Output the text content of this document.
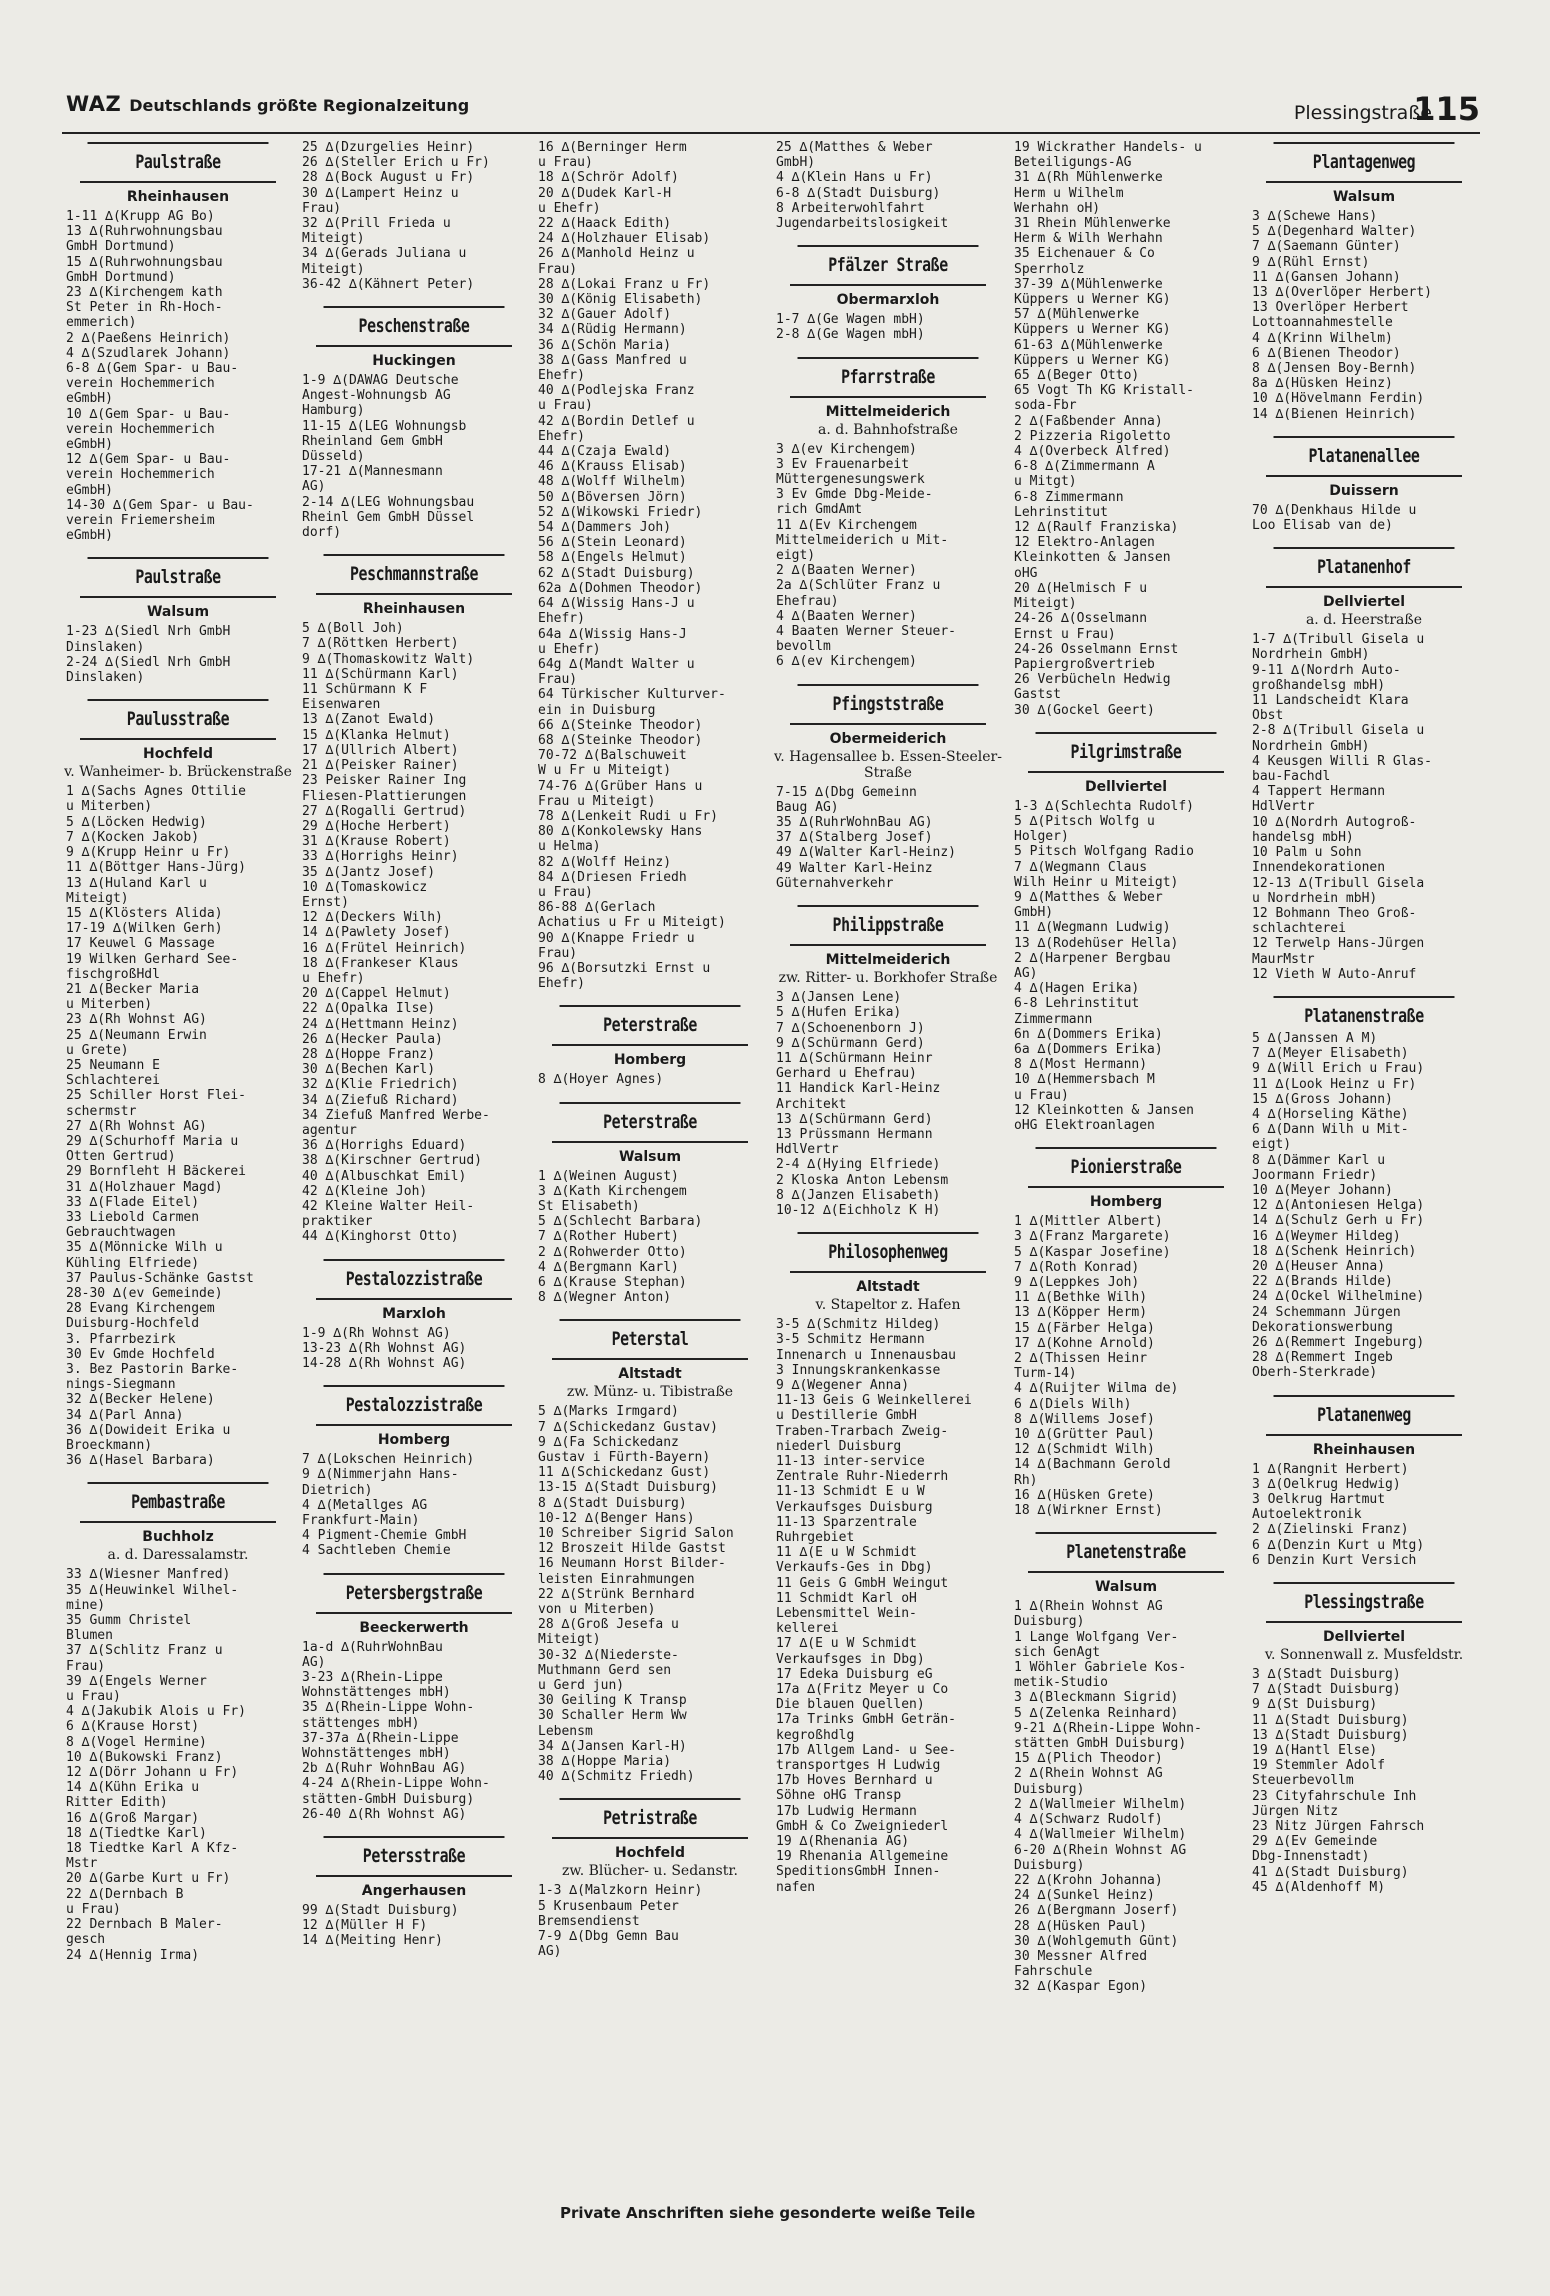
WAZ Deutschlands größte Regionalzeitung	Plessingstraße
115
Paulstraße
Rheinhausen
1-11 ∆(Krupp AG Bo)
13 ∆(Ruhrwohnungsbau
GmbH Dortmund)
15 ∆(Ruhrwohnungsbau
GmbH Dortmund)
23 ∆(Kirchengem kath
St Peter in Rh-Hoch-
emmerich)
2 ∆(Paeßens Heinrich)
4 ∆(Szudlarek Johann)
6-8 ∆(Gem Spar- u Bau-
verein Hochemmerich
eGmbH)
10 ∆(Gem Spar- u Bau-
verein Hochemmerich
eGmbH)
12 ∆(Gem Spar- u Bau-
verein Hochemmerich
eGmbH)
14-30 ∆(Gem Spar- u Bau-
verein Friemersheim
eGmbH)
Paulstraße
Walsum
1-23 ∆(Siedl Nrh GmbH
Dinslaken)
2-24 ∆(Siedl Nrh GmbH
Dinslaken)
Paulusstraße
Hochfeld
v. Wanheimer- b. Brückenstraße
1 ∆(Sachs Agnes Ottilie
u Miterben)
5 ∆(Löcken Hedwig)
7 ∆(Kocken Jakob)
9 ∆(Krupp Heinr u Fr)
11 ∆(Böttger Hans-Jürg)
13 ∆(Huland Karl u
Miteigt)
15 ∆(Klösters Alida)
17-19 ∆(Wilken Gerh)
17 Keuwel G Massage
19 Wilken Gerhard See-
fischgroßHdl
21 ∆(Becker Maria
u Miterben)
23 ∆(Rh Wohnst AG)
25 ∆(Neumann Erwin
u Grete)
25 Neumann E
Schlachterei
25 Schiller Horst Flei-
schermstr
27 ∆(Rh Wohnst AG)
29 ∆(Schurhoff Maria u
Otten Gertrud)
29 Bornfleht H Bäckerei
31 ∆(Holzhauer Magd)
33 ∆(Flade Eitel)
33 Liebold Carmen
Gebrauchtwagen
35 ∆(Mönnicke Wilh u
Kühling Elfriede)
37 Paulus-Schänke Gastst
28-30 ∆(ev Gemeinde)
28 Evang Kirchengem
Duisburg-Hochfeld
3. Pfarrbezirk
30 Ev Gmde Hochfeld
3. Bez Pastorin Barke-
nings-Siegmann
32 ∆(Becker Helene)
34 ∆(Parl Anna)
36 ∆(Dowideit Erika u
Broeckmann)
36 ∆(Hasel Barbara)
Pembastraße
Buchholz
a. d. Daressalamstr.
33 ∆(Wiesner Manfred)
35 ∆(Heuwinkel Wilhel-
mine)
35 Gumm Christel
Blumen
37 ∆(Schlitz Franz u
Frau)
39 ∆(Engels Werner
u Frau)
4 ∆(Jakubik Alois u Fr)
6 ∆(Krause Horst)
8 ∆(Vogel Hermine)
10 ∆(Bukowski Franz)
12 ∆(Dörr Johann u Fr)
14 ∆(Kühn Erika u
Ritter Edith)
16 ∆(Groß Margar)
18 ∆(Tiedtke Karl)
18 Tiedtke Karl A Kfz-
Mstr
20 ∆(Garbe Kurt u Fr)
22 ∆(Dernbach B
u Frau)
22 Dernbach B Maler-
gesch
24 ∆(Hennig Irma)
25 ∆(Dzurgelies Heinr)
26 ∆(Steller Erich u Fr)
28 ∆(Bock August u Fr)
30 ∆(Lampert Heinz u
Frau)
32 ∆(Prill Frieda u
Miteigt)
34 ∆(Gerads Juliana u
Miteigt)
36-42 ∆(Kähnert Peter)
Peschenstraße
Huckingen
1-9 ∆(DAWAG Deutsche
Angest-Wohnungsb AG
Hamburg)
11-15 ∆(LEG Wohnungsb
Rheinland Gem GmbH
Düsseld)
17-21 ∆(Mannesmann
AG)
2-14 ∆(LEG Wohnungsbau
Rheinl Gem GmbH Düssel
dorf)
Peschmannstraße
Rheinhausen
5 ∆(Boll Joh)
7 ∆(Röttken Herbert)
9 ∆(Thomaskowitz Walt)
11 ∆(Schürmann Karl)
11 Schürmann K F
Eisenwaren
13 ∆(Zanot Ewald)
15 ∆(Klanka Helmut)
17 ∆(Ullrich Albert)
21 ∆(Peisker Rainer)
23 Peisker Rainer Ing
Fliesen-Plattierungen
27 ∆(Rogalli Gertrud)
29 ∆(Hoche Herbert)
31 ∆(Krause Robert)
33 ∆(Horrighs Heinr)
35 ∆(Jantz Josef)
10 ∆(Tomaskowicz
Ernst)
12 ∆(Deckers Wilh)
14 ∆(Pawlety Josef)
16 ∆(Frütel Heinrich)
18 ∆(Frankeser Klaus
u Ehefr)
20 ∆(Cappel Helmut)
22 ∆(Opalka Ilse)
24 ∆(Hettmann Heinz)
26 ∆(Hecker Paula)
28 ∆(Hoppe Franz)
30 ∆(Bechen Karl)
32 ∆(Klie Friedrich)
34 ∆(Ziefuß Richard)
34 Ziefuß Manfred Werbe-
agentur
36 ∆(Horrighs Eduard)
38 ∆(Kirschner Gertrud)
40 ∆(Albuschkat Emil)
42 ∆(Kleine Joh)
42 Kleine Walter Heil-
praktiker
44 ∆(Kinghorst Otto)
Pestalozzistraße
Marxloh
1-9 ∆(Rh Wohnst AG)
13-23 ∆(Rh Wohnst AG)
14-28 ∆(Rh Wohnst AG)
Pestalozzistraße
Homberg
7 ∆(Lokschen Heinrich)
9 ∆(Nimmerjahn Hans-
Dietrich)
4 ∆(Metallges AG
Frankfurt-Main)
4 Pigment-Chemie GmbH
4 Sachtleben Chemie
Petersbergstraße
Beeckerwerth
1a-d ∆(RuhrWohnBau
AG)
3-23 ∆(Rhein-Lippe
Wohnstättenges mbH)
35 ∆(Rhein-Lippe Wohn-
stättenges mbH)
37-37a ∆(Rhein-Lippe
Wohnstättenges mbH)
2b ∆(Ruhr WohnBau AG)
4-24 ∆(Rhein-Lippe Wohn-
stätten-GmbH Duisburg)
26-40 ∆(Rh Wohnst AG)
Petersstraße
Angerhausen
99 ∆(Stadt Duisburg)
12 ∆(Müller H F)
14 ∆(Meiting Henr)
16 ∆(Berninger Herm
u Frau)
18 ∆(Schrör Adolf)
20 ∆(Dudek Karl-H
u Ehefr)
22 ∆(Haack Edith)
24 ∆(Holzhauer Elisab)
26 ∆(Manhold Heinz u
Frau)
28 ∆(Lokai Franz u Fr)
30 ∆(König Elisabeth)
32 ∆(Gauer Adolf)
34 ∆(Rüdig Hermann)
36 ∆(Schön Maria)
38 ∆(Gass Manfred u
Ehefr)
40 ∆(Podlejska Franz
u Frau)
42 ∆(Bordin Detlef u
Ehefr)
44 ∆(Czaja Ewald)
46 ∆(Krauss Elisab)
48 ∆(Wolff Wilhelm)
50 ∆(Böversen Jörn)
52 ∆(Wikowski Friedr)
54 ∆(Dammers Joh)
56 ∆(Stein Leonard)
58 ∆(Engels Helmut)
62 ∆(Stadt Duisburg)
62a ∆(Dohmen Theodor)
64 ∆(Wissig Hans-J u
Ehefr)
64a ∆(Wissig Hans-J
u Ehefr)
64g ∆(Mandt Walter u
Frau)
64 Türkischer Kulturver-
ein in Duisburg
66 ∆(Steinke Theodor)
68 ∆(Steinke Theodor)
70-72 ∆(Balschuweit
W u Fr u Miteigt)
74-76 ∆(Grüber Hans u
Frau u Miteigt)
78 ∆(Lenkeit Rudi u Fr)
80 ∆(Konkolewsky Hans
u Helma)
82 ∆(Wolff Heinz)
84 ∆(Driesen Friedh
u Frau)
86-88 ∆(Gerlach
Achatius u Fr u Miteigt)
90 ∆(Knappe Friedr u
Frau)
96 ∆(Borsutzki Ernst u
Ehefr)
Peterstraße
Homberg
8 ∆(Hoyer Agnes)
Peterstraße
Walsum
1 ∆(Weinen August)
3 ∆(Kath Kirchengem
St Elisabeth)
5 ∆(Schlecht Barbara)
7 ∆(Rother Hubert)
2 ∆(Rohwerder Otto)
4 ∆(Bergmann Karl)
6 ∆(Krause Stephan)
8 ∆(Wegner Anton)
Peterstal
Altstadt
zw. Münz- u. Tibistraße
5 ∆(Marks Irmgard)
7 ∆(Schickedanz Gustav)
9 ∆(Fa Schickedanz
Gustav i Fürth-Bayern)
11 ∆(Schickedanz Gust)
13-15 ∆(Stadt Duisburg)
8 ∆(Stadt Duisburg)
10-12 ∆(Benger Hans)
10 Schreiber Sigrid Salon
12 Broszeit Hilde Gastst
16 Neumann Horst Bilder-
leisten Einrahmungen
22 ∆(Strünk Bernhard
von u Miterben)
28 ∆(Groß Jesefa u
Miteigt)
30-32 ∆(Niederste-
Muthmann Gerd sen
u Gerd jun)
30 Geiling K Transp
30 Schaller Herm Ww
Lebensm
34 ∆(Jansen Karl-H)
38 ∆(Hoppe Maria)
40 ∆(Schmitz Friedh)
Petristraße
Hochfeld
zw. Blücher- u. Sedanstr.
1-3 ∆(Malzkorn Heinr)
5 Krusenbaum Peter
Bremsendienst
7-9 ∆(Dbg Gemn Bau
AG)
25 ∆(Matthes & Weber
GmbH)
4 ∆(Klein Hans u Fr)
6-8 ∆(Stadt Duisburg)
8 Arbeiterwohlfahrt
Jugendarbeitslosigkeit
Pfälzer Straße
Obermarxloh
1-7 ∆(Ge Wagen mbH)
2-8 ∆(Ge Wagen mbH)
Pfarrstraße
Mittelmeiderich
a. d. Bahnhofstraße
3 ∆(ev Kirchengem)
3 Ev Frauenarbeit
Müttergenesungswerk
3 Ev Gmde Dbg-Meide-
rich GmdAmt
11 ∆(Ev Kirchengem
Mittelmeiderich u Mit-
eigt)
2 ∆(Baaten Werner)
2a ∆(Schlüter Franz u
Ehefrau)
4 ∆(Baaten Werner)
4 Baaten Werner Steuer-
bevollm
6 ∆(ev Kirchengem)
Pfingststraße
Obermeiderich
v. Hagensallee b. Essen-Steeler-Straße
7-15 ∆(Dbg Gemeinn
Baug AG)
35 ∆(RuhrWohnBau AG)
37 ∆(Stalberg Josef)
49 ∆(Walter Karl-Heinz)
49 Walter Karl-Heinz
Güternahverkehr
Philippstraße
Mittelmeiderich
zw. Ritter- u. Borkhofer Straße
3 ∆(Jansen Lene)
5 ∆(Hufen Erika)
7 ∆(Schoenenborn J)
9 ∆(Schürmann Gerd)
11 ∆(Schürmann Heinr
Gerhard u Ehefrau)
11 Handick Karl-Heinz
Architekt
13 ∆(Schürmann Gerd)
13 Prüssmann Hermann
HdlVertr
2-4 ∆(Hying Elfriede)
2 Kloska Anton Lebensm
8 ∆(Janzen Elisabeth)
10-12 ∆(Eichholz K H)
Philosophenweg
Altstadt
v. Stapeltor z. Hafen
3-5 ∆(Schmitz Hildeg)
3-5 Schmitz Hermann
Innenarch u Innenausbau
3 Innungskrankenkasse
9 ∆(Wegener Anna)
11-13 Geis G Weinkellerei
u Destillerie GmbH
Traben-Trarbach Zweig-
niederl Duisburg
11-13 inter-service
Zentrale Ruhr-Niederrh
11-13 Schmidt E u W
Verkaufsges Duisburg
11-13 Sparzentrale
Ruhrgebiet
11 ∆(E u W Schmidt
Verkaufs-Ges in Dbg)
11 Geis G GmbH Weingut
11 Schmidt Karl oH
Lebensmittel Wein-
kellerei
17 ∆(E u W Schmidt
Verkaufsges in Dbg)
17 Edeka Duisburg eG
17a ∆(Fritz Meyer u Co
Die blauen Quellen)
17a Trinks GmbH Geträn-
kegroßhdlg
17b Allgem Land- u See-
transportges H Ludwig
17b Hoves Bernhard u
Söhne oHG Transp
17b Ludwig Hermann
GmbH & Co Zweigniederl
19 ∆(Rhenania AG)
19 Rhenania Allgemeine
SpeditionsGmbH Innen-
nafen
19 Wickrather Handels- u
Beteiligungs-AG
31 ∆(Rh Mühlenwerke
Herm u Wilhelm
Werhahn oH)
31 Rhein Mühlenwerke
Herm & Wilh Werhahn
35 Eichenauer & Co
Sperrholz
37-39 ∆(Mühlenwerke
Küppers u Werner KG)
57 ∆(Mühlenwerke
Küppers u Werner KG)
61-63 ∆(Mühlenwerke
Küppers u Werner KG)
65 ∆(Beger Otto)
65 Vogt Th KG Kristall-
soda-Fbr
2 ∆(Faßbender Anna)
2 Pizzeria Rigoletto
4 ∆(Overbeck Alfred)
6-8 ∆(Zimmermann A
u Mitgt)
6-8 Zimmermann
Lehrinstitut
12 ∆(Raulf Franziska)
12 Elektro-Anlagen
Kleinkotten & Jansen
oHG
20 ∆(Helmisch F u
Miteigt)
24-26 ∆(Osselmann
Ernst u Frau)
24-26 Osselmann Ernst
Papiergroßvertrieb
26 Verbücheln Hedwig
Gastst
30 ∆(Gockel Geert)
Pilgrimstraße
Dellviertel
1-3 ∆(Schlechta Rudolf)
5 ∆(Pitsch Wolfg u
Holger)
5 Pitsch Wolfgang Radio
7 ∆(Wegmann Claus
Wilh Heinr u Miteigt)
9 ∆(Matthes & Weber
GmbH)
11 ∆(Wegmann Ludwig)
13 ∆(Rodehüser Hella)
2 ∆(Harpener Bergbau
AG)
4 ∆(Hagen Erika)
6-8 Lehrinstitut
Zimmermann
6n ∆(Dommers Erika)
6a ∆(Dommers Erika)
8 ∆(Most Hermann)
10 ∆(Hemmersbach M
u Frau)
12 Kleinkotten & Jansen
oHG Elektroanlagen
Pionierstraße
Homberg
1 ∆(Mittler Albert)
3 ∆(Franz Margarete)
5 ∆(Kaspar Josefine)
7 ∆(Roth Konrad)
9 ∆(Leppkes Joh)
11 ∆(Bethke Wilh)
13 ∆(Köpper Herm)
15 ∆(Färber Helga)
17 ∆(Kohne Arnold)
2 ∆(Thissen Heinr
Turm-14)
4 ∆(Ruijter Wilma de)
6 ∆(Diels Wilh)
8 ∆(Willems Josef)
10 ∆(Grütter Paul)
12 ∆(Schmidt Wilh)
14 ∆(Bachmann Gerold
Rh)
16 ∆(Hüsken Grete)
18 ∆(Wirkner Ernst)
Planetenstraße
Walsum
1 ∆(Rhein Wohnst AG
Duisburg)
1 Lange Wolfgang Ver-
sich GenAgt
1 Wöhler Gabriele Kos-
metik-Studio
3 ∆(Bleckmann Sigrid)
5 ∆(Zelenka Reinhard)
9-21 ∆(Rhein-Lippe Wohn-
stätten GmbH Duisburg)
15 ∆(Plich Theodor)
2 ∆(Rhein Wohnst AG
Duisburg)
2 ∆(Wallmeier Wilhelm)
4 ∆(Schwarz Rudolf)
4 ∆(Wallmeier Wilhelm)
6-20 ∆(Rhein Wohnst AG
Duisburg)
22 ∆(Krohn Johanna)
24 ∆(Sunkel Heinz)
26 ∆(Bergmann Joserf)
28 ∆(Hüsken Paul)
30 ∆(Wohlgemuth Günt)
30 Messner Alfred
Fahrschule
32 ∆(Kaspar Egon)
Plantagenweg
Walsum
3 ∆(Schewe Hans)
5 ∆(Degenhard Walter)
7 ∆(Saemann Günter)
9 ∆(Rühl Ernst)
11 ∆(Gansen Johann)
13 ∆(Overlöper Herbert)
13 Overlöper Herbert
Lottoannahmestelle
4 ∆(Krinn Wilhelm)
6 ∆(Bienen Theodor)
8 ∆(Jensen Boy-Bernh)
8a ∆(Hüsken Heinz)
10 ∆(Hövelmann Ferdin)
14 ∆(Bienen Heinrich)
Platanenallee
Duissern
70 ∆(Denkhaus Hilde u
Loo Elisab van de)
Platanenhof
Dellviertel
a. d. Heerstraße
1-7 ∆(Tribull Gisela u
Nordrhein GmbH)
9-11 ∆(Nordrh Auto-
großhandelsg mbH)
11 Landscheidt Klara
Obst
2-8 ∆(Tribull Gisela u
Nordrhein GmbH)
4 Keusgen Willi R Glas-
bau-Fachdl
4 Tappert Hermann
HdlVertr
10 ∆(Nordrh Autogroß-
handelsg mbH)
10 Palm u Sohn
Innendekorationen
12-13 ∆(Tribull Gisela
u Nordrhein mbH)
12 Bohmann Theo Groß-
schlachterei
12 Terwelp Hans-Jürgen
MaurMstr
12 Vieth W Auto-Anruf
Platanenstraße
5 ∆(Janssen A M)
7 ∆(Meyer Elisabeth)
9 ∆(Will Erich u Frau)
11 ∆(Look Heinz u Fr)
15 ∆(Gross Johann)
4 ∆(Horseling Käthe)
6 ∆(Dann Wilh u Mit-
eigt)
8 ∆(Dämmer Karl u
Joormann Friedr)
10 ∆(Meyer Johann)
12 ∆(Antoniesen Helga)
14 ∆(Schulz Gerh u Fr)
16 ∆(Weymer Hildeg)
18 ∆(Schenk Heinrich)
20 ∆(Heuser Anna)
22 ∆(Brands Hilde)
24 ∆(Ockel Wilhelmine)
24 Schemmann Jürgen
Dekorationswerbung
26 ∆(Remmert Ingeburg)
28 ∆(Remmert Ingeb
Oberh-Sterkrade)
Platanenweg
Rheinhausen
1 ∆(Rangnit Herbert)
3 ∆(Oelkrug Hedwig)
3 Oelkrug Hartmut
Autoelektronik
2 ∆(Zielinski Franz)
6 ∆(Denzin Kurt u Mtg)
6 Denzin Kurt Versich
Plessingstraße
Dellviertel
v. Sonnenwall z. Musfeldstr.
3 ∆(Stadt Duisburg)
7 ∆(Stadt Duisburg)
9 ∆(St Duisburg)
11 ∆(Stadt Duisburg)
13 ∆(Stadt Duisburg)
19 ∆(Hantl Else)
19 Stemmler Adolf
Steuerbevollm
23 Cityfahrschule Inh
Jürgen Nitz
23 Nitz Jürgen Fahrsch
29 ∆(Ev Gemeinde
Dbg-Innenstadt)
41 ∆(Stadt Duisburg)
45 ∆(Aldenhoff M)
Private Anschriften siehe gesonderte weiße Teile
